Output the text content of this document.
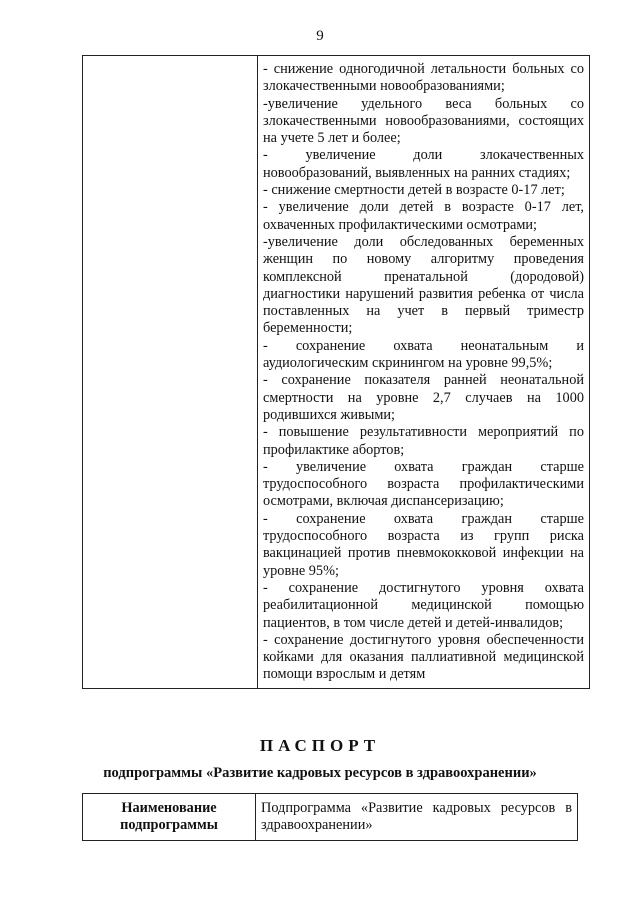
9

- снижение одногодичной летальности больных со злокачественными новообразованиями;

-увеличение удельного веса больных со злокачественными новообразованиями, состоящих на учете 5 лет и более;

- увеличение доли злокачественных новообразований, выявленных на ранних стадиях;

- снижение смертности детей в возрасте 0-17 лет;

- увеличение доли детей в возрасте 0-17 лет, охваченных профилактическими осмотрами;

-увеличение доли обследованных беременных женщин по новому алгоритму проведения комплексной пренатальной (дородовой) диагностики нарушений развития ребенка от числа поставленных на учет в первый триместр беременности;

- сохранение охвата неонатальным и аудиологическим скринингом на уровне 99,5%;

- сохранение показателя ранней неонатальной смертности на уровне 2,7 случаев на 1000 родившихся живыми;

- повышение результативности мероприятий по профилактике абортов;

- увеличение охвата граждан старше трудоспособного возраста профилактическими осмотрами, включая диспансеризацию;

- сохранение охвата граждан старше трудоспособного возраста из групп риска вакцинацией против пневмококковой инфекции на уровне 95%;

- сохранение достигнутого уровня охвата реабилитационной медицинской помощью пациентов, в том числе детей и детей-инвалидов;

- сохранение достигнутого уровня обеспеченности койками для оказания паллиативной медицинской помощи взрослым и детям

ПАСПОРТ
подпрограммы «Развитие кадровых ресурсов в здравоохранении»
Наименование подпрограммы	Подпрограмма «Развитие кадровых ресурсов в здравоохранении»
